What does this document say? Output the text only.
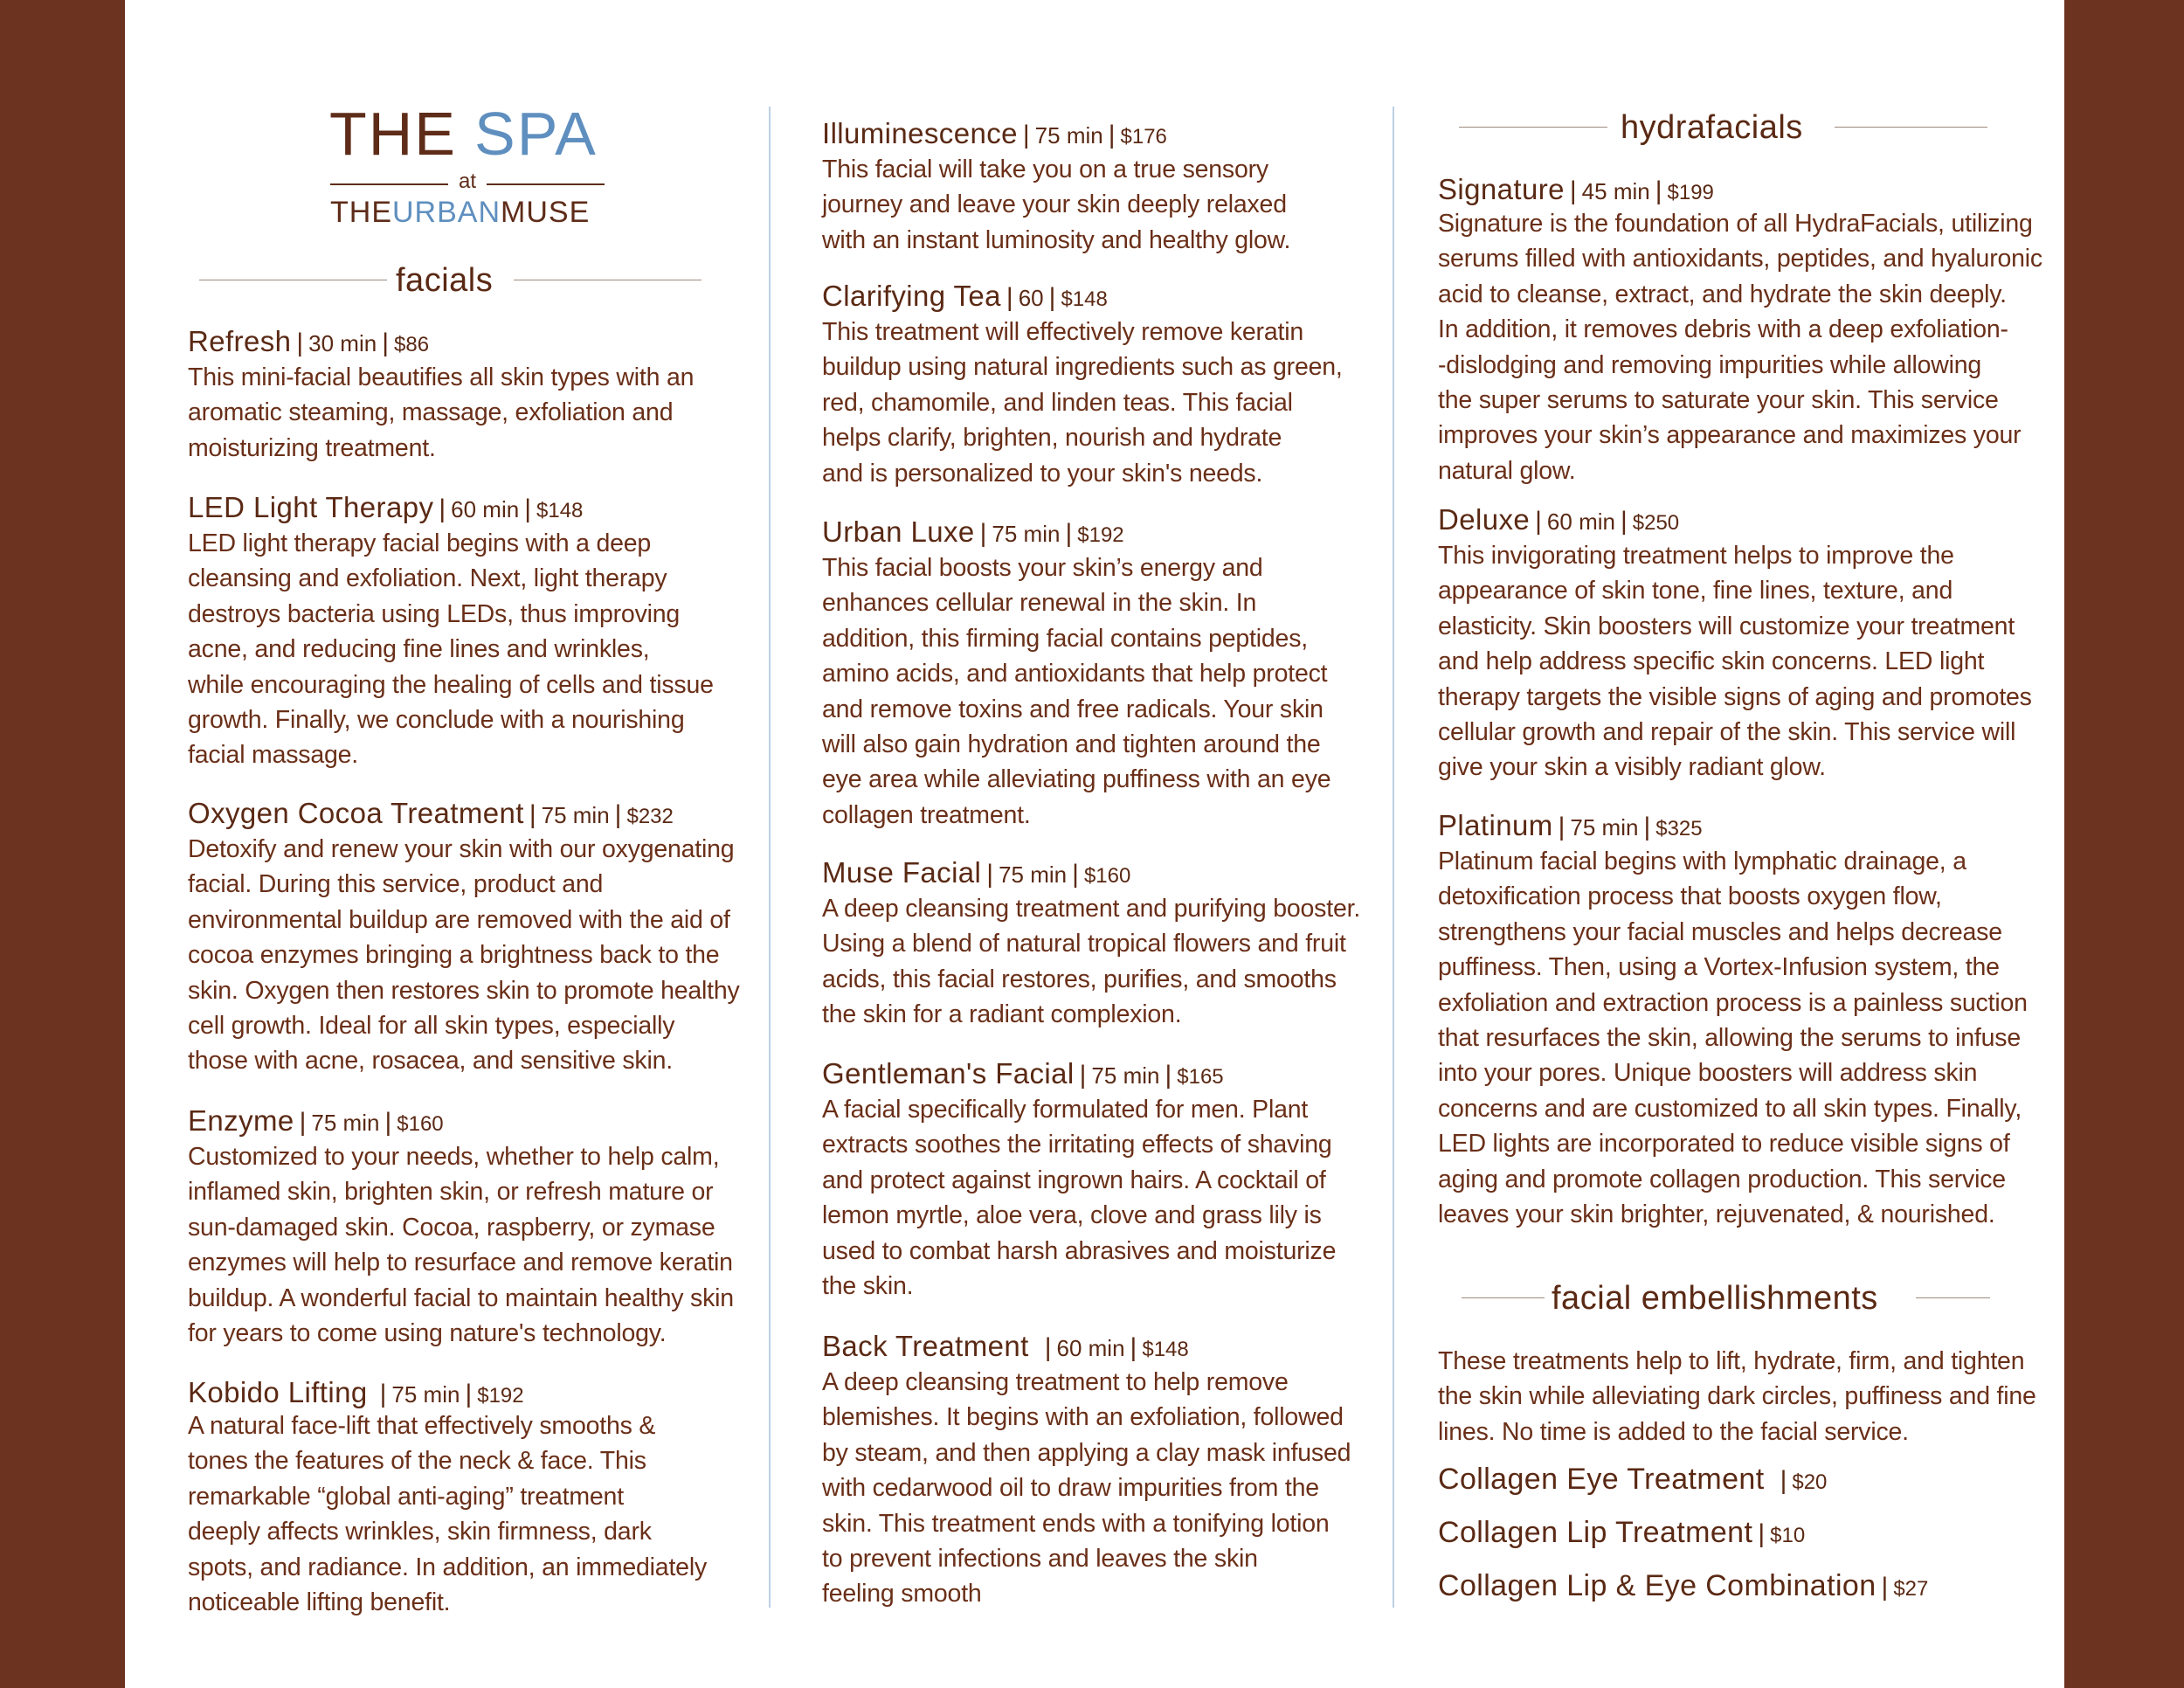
THE SPA
at
THEURBANMUSE
facials
hydrafacials
facial embellishments
Refresh | 30 min | $86
This mini-facial beautifies all skin types with an
aromatic steaming, massage, exfoliation and
moisturizing treatment.
LED Light Therapy | 60 min | $148
LED light therapy facial begins with a deep
cleansing and exfoliation. Next, light therapy
destroys bacteria using LEDs, thus improving
acne, and reducing fine lines and wrinkles,
while encouraging the healing of cells and tissue
growth. Finally, we conclude with a nourishing
facial massage.
Oxygen Cocoa Treatment | 75 min | $232
Detoxify and renew your skin with our oxygenating
facial. During this service, product and
environmental buildup are removed with the aid of
cocoa enzymes bringing a brightness back to the
skin. Oxygen then restores skin to promote healthy
cell growth. Ideal for all skin types, especially
those with acne, rosacea, and sensitive skin.
Enzyme | 75 min | $160
Customized to your needs, whether to help calm,
inflamed skin, brighten skin, or refresh mature or
sun-damaged skin. Cocoa, raspberry, or zymase
enzymes will help to resurface and remove keratin
buildup. A wonderful facial to maintain healthy skin
for years to come using nature's technology.
Kobido Lifting | 75 min | $192
A natural face-lift that effectively smooths &
tones the features of the neck & face. This
remarkable “global anti-aging” treatment
deeply affects wrinkles, skin firmness, dark
spots, and radiance. In addition, an immediately
noticeable lifting benefit.
Illuminescence | 75 min | $176
This facial will take you on a true sensory
journey and leave your skin deeply relaxed
with an instant luminosity and healthy glow.
Clarifying Tea | 60 | $148
This treatment will effectively remove keratin
buildup using natural ingredients such as green,
red, chamomile, and linden teas. This facial
helps clarify, brighten, nourish and hydrate
and is personalized to your skin's needs.
Urban Luxe | 75 min | $192
This facial boosts your skin’s energy and
enhances cellular renewal in the skin. In
addition, this firming facial contains peptides,
amino acids, and antioxidants that help protect
and remove toxins and free radicals. Your skin
will also gain hydration and tighten around the
eye area while alleviating puffiness with an eye
collagen treatment.
Muse Facial | 75 min | $160
A deep cleansing treatment and purifying booster.
Using a blend of natural tropical flowers and fruit
acids, this facial restores, purifies, and smooths
the skin for a radiant complexion.
Gentleman's Facial | 75 min | $165
A facial specifically formulated for men. Plant
extracts soothes the irritating effects of shaving
and protect against ingrown hairs. A cocktail of
lemon myrtle, aloe vera, clove and grass lily is
used to combat harsh abrasives and moisturize
the skin.
Back Treatment | 60 min | $148
A deep cleansing treatment to help remove
blemishes. It begins with an exfoliation, followed
by steam, and then applying a clay mask infused
with cedarwood oil to draw impurities from the
skin. This treatment ends with a tonifying lotion
to prevent infections and leaves the skin
feeling smooth
Signature | 45 min | $199
Signature is the foundation of all HydraFacials, utilizing
serums filled with antioxidants, peptides, and hyaluronic
acid to cleanse, extract, and hydrate the skin deeply.
In addition, it removes debris with a deep exfoliation-
-dislodging and removing impurities while allowing
the super serums to saturate your skin. This service
improves your skin’s appearance and maximizes your
natural glow.
Deluxe | 60 min | $250
This invigorating treatment helps to improve the
appearance of skin tone, fine lines, texture, and
elasticity. Skin boosters will customize your treatment
and help address specific skin concerns. LED light
therapy targets the visible signs of aging and promotes
cellular growth and repair of the skin. This service will
give your skin a visibly radiant glow.
Platinum | 75 min | $325
Platinum facial begins with lymphatic drainage, a
detoxification process that boosts oxygen flow,
strengthens your facial muscles and helps decrease
puffiness. Then, using a Vortex-Infusion system, the
exfoliation and extraction process is a painless suction
that resurfaces the skin, allowing the serums to infuse
into your pores. Unique boosters will address skin
concerns and are customized to all skin types. Finally,
LED lights are incorporated to reduce visible signs of
aging and promote collagen production. This service
leaves your skin brighter, rejuvenated, & nourished.
These treatments help to lift, hydrate, firm, and tighten
the skin while alleviating dark circles, puffiness and fine
lines. No time is added to the facial service.
Collagen Eye Treatment | $20
Collagen Lip Treatment | $10
Collagen Lip & Eye Combination | $27
